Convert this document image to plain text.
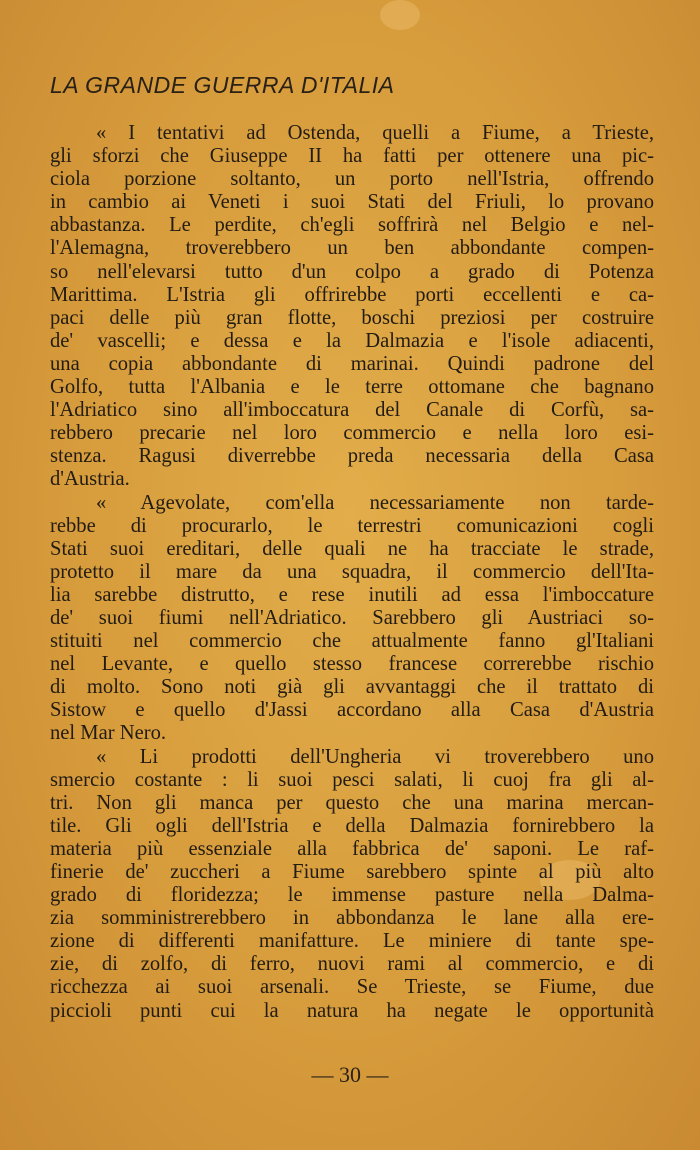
LA GRANDE GUERRA D'ITALIA
« I tentativi ad Ostenda, quelli a Fiume, a Trieste,
gli sforzi che Giuseppe II ha fatti per ottenere una pic-
ciola porzione soltanto, un porto nell'Istria, offrendo
in cambio ai Veneti i suoi Stati del Friuli, lo provano
abbastanza. Le perdite, ch'egli soffrirà nel Belgio e nel-
l'Alemagna, troverebbero un ben abbondante compen-
so nell'elevarsi tutto d'un colpo a grado di Potenza
Marittima. L'Istria gli offrirebbe porti eccellenti e ca-
paci delle più gran flotte, boschi preziosi per costruire
de' vascelli; e dessa e la Dalmazia e l'isole adiacenti,
una copia abbondante di marinai. Quindi padrone del
Golfo, tutta l'Albania e le terre ottomane che bagnano
l'Adriatico sino all'imboccatura del Canale di Corfù, sa-
rebbero precarie nel loro commercio e nella loro esi-
stenza. Ragusi diverrebbe preda necessaria della Casa
d'Austria.
« Agevolate, com'ella necessariamente non tarde-
rebbe di procurarlo, le terrestri comunicazioni cogli
Stati suoi ereditari, delle quali ne ha tracciate le strade,
protetto il mare da una squadra, il commercio dell'Ita-
lia sarebbe distrutto, e rese inutili ad essa l'imboccature
de' suoi fiumi nell'Adriatico. Sarebbero gli Austriaci so-
stituiti nel commercio che attualmente fanno gl'Italiani
nel Levante, e quello stesso francese correrebbe rischio
di molto. Sono noti già gli avvantaggi che il trattato di
Sistow e quello d'Jassi accordano alla Casa d'Austria
nel Mar Nero.
« Li prodotti dell'Ungheria vi troverebbero uno
smercio costante : li suoi pesci salati, li cuoj fra gli al-
tri. Non gli manca per questo che una marina mercan-
tile. Gli ogli dell'Istria e della Dalmazia fornirebbero la
materia più essenziale alla fabbrica de' saponi. Le raf-
finerie de' zuccheri a Fiume sarebbero spinte al più alto
grado di floridezza; le immense pasture nella Dalma-
zia somministrerebbero in abbondanza le lane alla ere-
zione di differenti manifatture. Le miniere di tante spe-
zie, di zolfo, di ferro, nuovi rami al commercio, e di
ricchezza ai suoi arsenali. Se Trieste, se Fiume, due
piccioli punti cui la natura ha negate le opportunità
— 30 —
